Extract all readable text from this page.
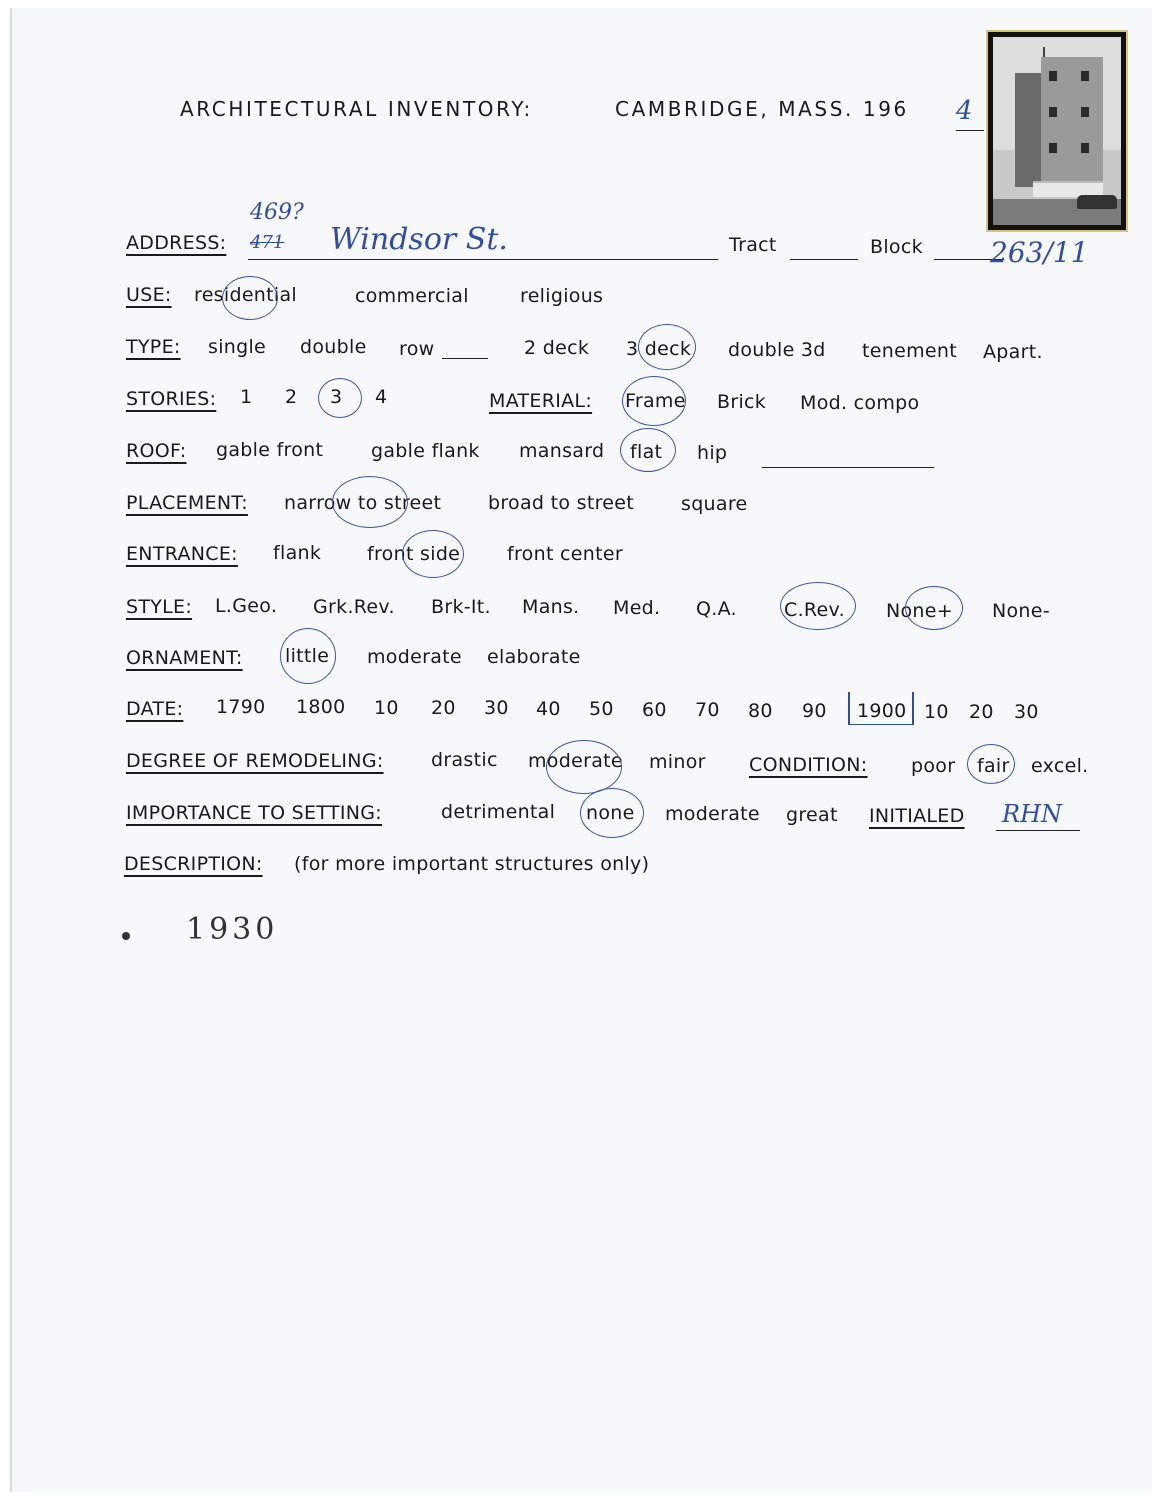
ARCHITECTURAL INVENTORY:	CAMBRIDGE, MASS. 196 4
ADDRESS:
469?
471 Windsor St.	Tract	Block 263/11
USE: residential	commercial	religious
TYPE: single double row	2 deck 3 deck double 3d tenement Apart.
STORIES: 1 2 3 4	MATERIAL: Frame Brick Mod. compo
ROOF: gable front	gable flank mansard flat hip
PLACEMENT: narrow to street broad to street square
ENTRANCE: flank front side front center
STYLE: L.Geo. Grk.Rev. Brk-It. Mans. Med. Q.A. C.Rev. None+ None-
ORNAMENT: little moderate elaborate
DATE: 1790 1800 10 20 30 40 50 60 70 80 90 1900 10 20 30
DEGREE OF REMODELING: drastic moderate minor CONDITION: poor fair excel.
IMPORTANCE TO SETTING:	detrimental none moderate great INITIALED RHN
DESCRIPTION: (for more important structures only)
1930
